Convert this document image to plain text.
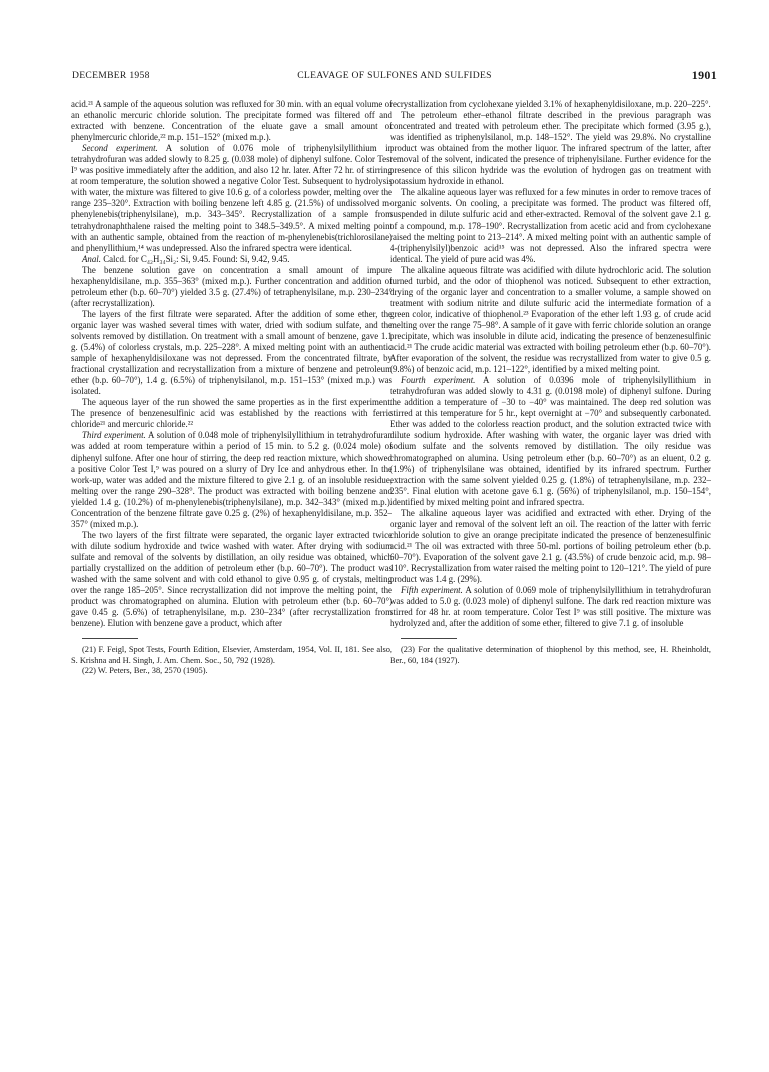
DECEMBER 1958	CLEAVAGE OF SULFONES AND SULFIDES	1901

acid.²¹ A sample of the aqueous solution was refluxed for 30 min. with an equal volume of an ethanolic mercuric chloride solution. The precipitate formed was filtered off and extracted with benzene. Concentration of the eluate gave a small amount of phenylmercuric chloride,²² m.p. 151–152° (mixed m.p.).

Second experiment. A solution of 0.076 mole of triphenylsilyllithium in tetrahydrofuran was added slowly to 8.25 g. (0.038 mole) of diphenyl sulfone. Color Test I⁹ was positive immediately after the addition, and also 12 hr. later. After 72 hr. of stirring at room temperature, the solution showed a negative Color Test. Subsequent to hydrolysis with water, the mixture was filtered to give 10.6 g. of a colorless powder, melting over the range 235–320°. Extraction with boiling benzene left 4.85 g. (21.5%) of undissolved m-phenylenebis(triphenylsilane), m.p. 343–345°. Recrystallization of a sample from tetrahydronaphthalene raised the melting point to 348.5–349.5°. A mixed melting point with an authentic sample, obtained from the reaction of m-phenylenebis(trichlorosilane) and phenyllithium,¹⁴ was undepressed. Also the infrared spectra were identical.

Anal. Calcd. for C₄₂H₃₄Si₂: Si, 9.45. Found: Si, 9.42, 9.45.

The benzene solution gave on concentration a small amount of impure hexaphenyldisilane, m.p. 355–363° (mixed m.p.). Further concentration and addition of petroleum ether (b.p. 60–70°) yielded 3.5 g. (27.4%) of tetraphenylsilane, m.p. 230–234° (after recrystallization).

The layers of the first filtrate were separated. After the addition of some ether, the organic layer was washed several times with water, dried with sodium sulfate, and the solvents removed by distillation. On treatment with a small amount of benzene, gave 1.1 g. (5.4%) of colorless crystals, m.p. 225–228°. A mixed melting point with an authentic sample of hexaphenyldisiloxane was not depressed. From the concentrated filtrate, by fractional crystallization and recrystallization from a mixture of benzene and petroleum ether (b.p. 60–70°), 1.4 g. (6.5%) of triphenylsilanol, m.p. 151–153° (mixed m.p.) was isolated.

The aqueous layer of the run showed the same properties as in the first experiment. The presence of benzenesulfinic acid was established by the reactions with ferric chloride²¹ and mercuric chloride.²²

Third experiment. A solution of 0.048 mole of triphenylsilyllithium in tetrahydrofuran was added at room temperature within a period of 15 min. to 5.2 g. (0.024 mole) of diphenyl sulfone. After one hour of stirring, the deep red reaction mixture, which showed a positive Color Test I,⁹ was poured on a slurry of Dry Ice and anhydrous ether. In the work-up, water was added and the mixture filtered to give 2.1 g. of an insoluble residue, melting over the range 290–328°. The product was extracted with boiling benzene and yielded 1.4 g. (10.2%) of m-phenylenebis(triphenylsilane), m.p. 342–343° (mixed m.p.). Concentration of the benzene filtrate gave 0.25 g. (2%) of hexaphenyldisilane, m.p. 352–357° (mixed m.p.).

The two layers of the first filtrate were separated, the organic layer extracted twice with dilute sodium hydroxide and twice washed with water. After drying with sodium sulfate and removal of the solvents by distillation, an oily residue was obtained, which partially crystallized on the addition of petroleum ether (b.p. 60–70°). The product was washed with the same solvent and with cold ethanol to give 0.95 g. of crystals, melting over the range 185–205°. Since recrystallization did not improve the melting point, the product was chromatographed on alumina. Elution with petroleum ether (b.p. 60–70°) gave 0.45 g. (5.6%) of tetraphenylsilane, m.p. 230–234° (after recrystallization from benzene). Elution with benzene gave a product, which after

(21) F. Feigl, Spot Tests, Fourth Edition, Elsevier, Amsterdam, 1954, Vol. II, 181. See also, S. Krishna and H. Singh, J. Am. Chem. Soc., 50, 792 (1928).

(22) W. Peters, Ber., 38, 2570 (1905).

recrystallization from cyclohexane yielded 3.1% of hexaphenyldisiloxane, m.p. 220–225°.

The petroleum ether–ethanol filtrate described in the previous paragraph was concentrated and treated with petroleum ether. The precipitate which formed (3.95 g.), was identified as triphenylsilanol, m.p. 148–152°. The yield was 29.8%. No crystalline product was obtained from the mother liquor. The infrared spectrum of the latter, after removal of the solvent, indicated the presence of triphenylsilane. Further evidence for the presence of this silicon hydride was the evolution of hydrogen gas on treatment with potassium hydroxide in ethanol.

The alkaline aqueous layer was refluxed for a few minutes in order to remove traces of organic solvents. On cooling, a precipitate was formed. The product was filtered off, suspended in dilute sulfuric acid and ether-extracted. Removal of the solvent gave 2.1 g. of a compound, m.p. 178–190°. Recrystallization from acetic acid and from cyclohexane raised the melting point to 213–214°. A mixed melting point with an authentic sample of 4-(triphenylsilyl)benzoic acid¹⁵ was not depressed. Also the infrared spectra were identical. The yield of pure acid was 4%.

The alkaline aqueous filtrate was acidified with dilute hydrochloric acid. The solution turned turbid, and the odor of thiophenol was noticed. Subsequent to ether extraction, drying of the organic layer and concentration to a smaller volume, a sample showed on treatment with sodium nitrite and dilute sulfuric acid the intermediate formation of a green color, indicative of thiophenol.²³ Evaporation of the ether left 1.93 g. of crude acid melting over the range 75–98°. A sample of it gave with ferric chloride solution an orange precipitate, which was insoluble in dilute acid, indicating the presence of benzenesulfinic acid.²¹ The crude acidic material was extracted with boiling petroleum ether (b.p. 60–70°). After evaporation of the solvent, the residue was recrystallized from water to give 0.5 g. (9.8%) of benzoic acid, m.p. 121–122°, identified by a mixed melting point.

Fourth experiment. A solution of 0.0396 mole of triphenylsilyllithium in tetrahydrofuran was added slowly to 4.31 g. (0.0198 mole) of diphenyl sulfone. During the addition a temperature of −30 to −40° was maintained. The deep red solution was stirred at this temperature for 5 hr., kept overnight at −70° and subsequently carbonated. Ether was added to the colorless reaction product, and the solution extracted twice with dilute sodium hydroxide. After washing with water, the organic layer was dried with sodium sulfate and the solvents removed by distillation. The oily residue was chromatographed on alumina. Using petroleum ether (b.p. 60–70°) as an eluent, 0.2 g. (1.9%) of triphenylsilane was obtained, identified by its infrared spectrum. Further extraction with the same solvent yielded 0.25 g. (1.8%) of tetraphenylsilane, m.p. 232–235°. Final elution with acetone gave 6.1 g. (56%) of triphenylsilanol, m.p. 150–154°, identified by mixed melting point and infrared spectra.

The alkaline aqueous layer was acidified and extracted with ether. Drying of the organic layer and removal of the solvent left an oil. The reaction of the latter with ferric chloride solution to give an orange precipitate indicated the presence of benzenesulfinic acid.²¹ The oil was extracted with three 50-ml. portions of boiling petroleum ether (b.p. 60–70°). Evaporation of the solvent gave 2.1 g. (43.5%) of crude benzoic acid, m.p. 98–110°. Recrystallization from water raised the melting point to 120–121°. The yield of pure product was 1.4 g. (29%).

Fifth experiment. A solution of 0.069 mole of triphenylsilyllithium in tetrahydrofuran was added to 5.0 g. (0.023 mole) of diphenyl sulfone. The dark red reaction mixture was stirred for 48 hr. at room temperature. Color Test I⁹ was still positive. The mixture was hydrolyzed and, after the addition of some ether, filtered to give 7.1 g. of insoluble

(23) For the qualitative determination of thiophenol by this method, see, H. Rheinholdt, Ber., 60, 184 (1927).
